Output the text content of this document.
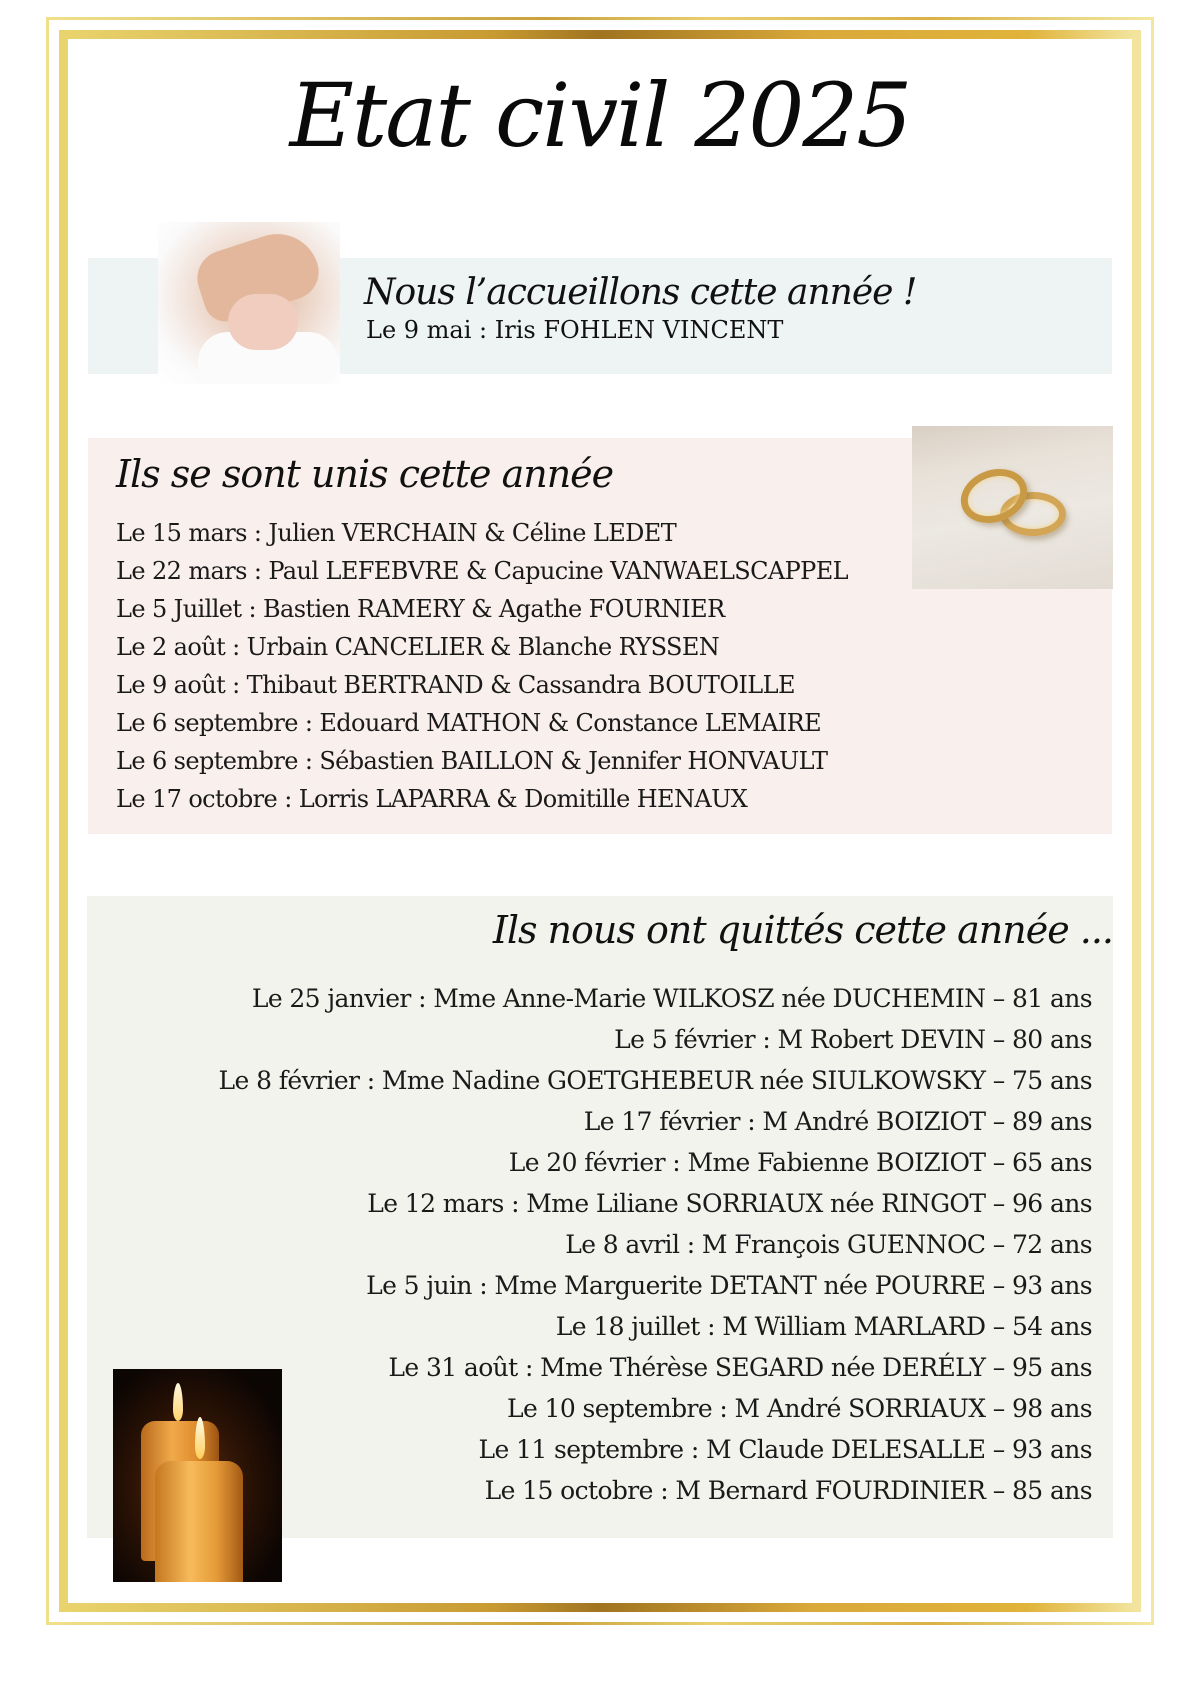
Etat civil 2025
Nous l’accueillons cette année !
Le 9 mai : Iris FOHLEN VINCENT
Ils se sont unis cette année
Le 15 mars : Julien VERCHAIN & Céline LEDET
Le 22 mars : Paul LEFEBVRE & Capucine VANWAELSCAPPEL
Le 5 Juillet : Bastien RAMERY & Agathe FOURNIER
Le 2 août : Urbain CANCELIER & Blanche RYSSEN
Le 9 août : Thibaut BERTRAND & Cassandra BOUTOILLE
Le 6 septembre : Edouard MATHON & Constance LEMAIRE
Le 6 septembre : Sébastien BAILLON & Jennifer HONVAULT
Le 17 octobre : Lorris LAPARRA & Domitille HENAUX
Ils nous ont quittés cette année ...
Le 25 janvier : Mme Anne-Marie WILKOSZ née DUCHEMIN – 81 ans
Le 5 février : M Robert DEVIN – 80 ans
Le 8 février : Mme Nadine GOETGHEBEUR née SIULKOWSKY – 75 ans
Le 17 février : M André BOIZIOT – 89 ans
Le 20 février : Mme Fabienne BOIZIOT – 65 ans
Le 12 mars : Mme Liliane SORRIAUX née RINGOT – 96 ans
Le 8 avril : M François GUENNOC – 72 ans
Le 5 juin : Mme Marguerite DETANT née POURRE – 93 ans
Le 18 juillet : M William MARLARD – 54 ans
Le 31 août : Mme Thérèse SEGARD née DERÉLY – 95 ans
Le 10 septembre : M André SORRIAUX – 98 ans
Le 11 septembre : M Claude DELESALLE – 93 ans
Le 15 octobre : M Bernard FOURDINIER – 85 ans
